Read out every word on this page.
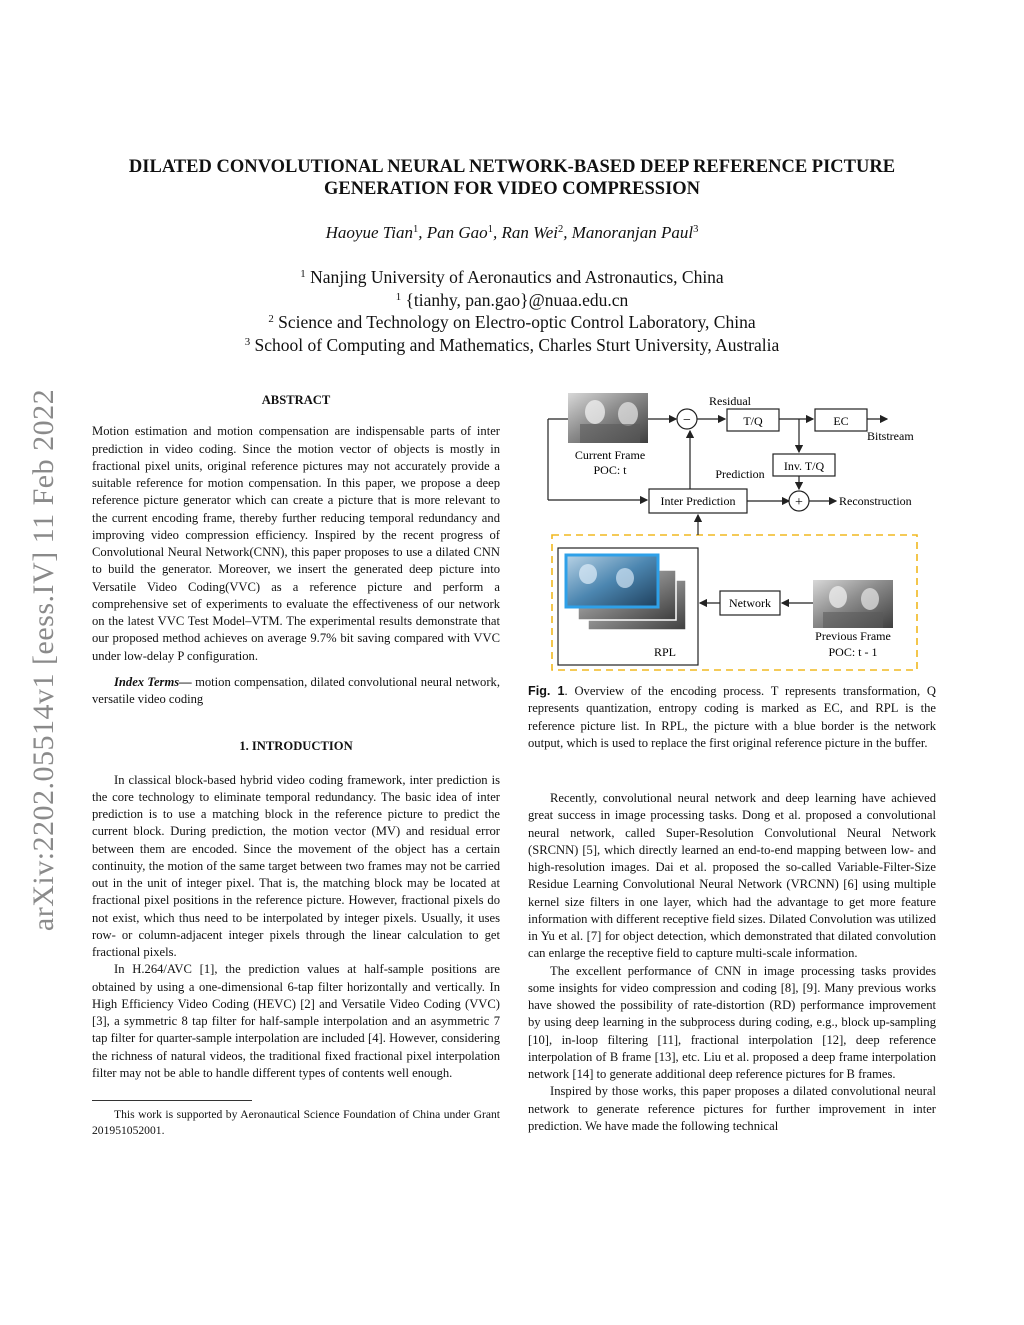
arXiv:2202.05514v1 [eess.IV] 11 Feb 2022
DILATED CONVOLUTIONAL NEURAL NETWORK-BASED DEEP REFERENCE PICTURE
GENERATION FOR VIDEO COMPRESSION
Haoyue Tian$^1$, Pan Gao$^1$, Ran Wei$^2$, Manoranjan Paul$^3$
$^1$ Nanjing University of Aeronautics and Astronautics, China
$^1$ {tianhy, pan.gao}@nuaa.edu.cn
$^2$ Science and Technology on Electro-optic Control Laboratory, China
$^3$ School of Computing and Mathematics, Charles Sturt University, Australia
ABSTRACT

Motion estimation and motion compensation are indispensable parts of inter prediction in video coding. Since the motion vector of objects is mostly in fractional pixel units, original reference pictures may not accurately provide a suitable reference for motion compensation. In this paper, we propose a deep reference picture generator which can create a picture that is more relevant to the current encoding frame, thereby further reducing temporal redundancy and improving video compression efficiency. Inspired by the recent progress of Convolutional Neural Network(CNN), this paper proposes to use a dilated CNN to build the generator. Moreover, we insert the generated deep picture into Versatile Video Coding(VVC) as a reference picture and perform a comprehensive set of experiments to evaluate the effectiveness of our network on the latest VVC Test Model–VTM. The experimental results demonstrate that our proposed method achieves on average 9.7% bit saving compared with VVC under low-delay P configuration.

Index Terms— motion compensation, dilated convolutional neural network, versatile video coding

1. INTRODUCTION

In classical block-based hybrid video coding framework, inter prediction is the core technology to eliminate temporal redundancy. The basic idea of inter prediction is to use a matching block in the reference picture to predict the current block. During prediction, the motion vector (MV) and residual error between them are encoded. Since the movement of the object has a certain continuity, the motion of the same target between two frames may not be carried out in the unit of integer pixel. That is, the matching block may be located at fractional pixel positions in the reference picture. However, fractional pixels do not exist, which thus need to be interpolated by integer pixels. Usually, it uses row- or column-adjacent integer pixels through the linear calculation to get fractional pixels.

In H.264/AVC [1], the prediction values at half-sample positions are obtained by using a one-dimensional 6-tap filter horizontally and vertically. In High Efficiency Video Coding (HEVC) [2] and Versatile Video Coding (VVC) [3], a symmetric 8 tap filter for half-sample interpolation and an asymmetric 7 tap filter for quarter-sample interpolation are included [4]. However, considering the richness of natural videos, the traditional fixed fractional pixel interpolation filter may not be able to handle different types of contents well enough.

This work is supported by Aeronautical Science Foundation of China under Grant 201951052001.

Current Frame
POC: t
−
Residual
T/Q	EC
Bitstream
Inv. T/Q
Inter Prediction
Prediction
+	Reconstruction
RPL
Network
Previous Frame
POC: t - 1
Fig. 1. Overview of the encoding process. T represents transformation, Q represents quantization, entropy coding is marked as EC, and RPL is the reference picture list. In RPL, the picture with a blue border is the network output, which is used to replace the first original reference picture in the buffer.

Recently, convolutional neural network and deep learning have achieved great success in image processing tasks. Dong et al. proposed a convolutional neural network, called Super-Resolution Convolutional Neural Network (SRCNN) [5], which directly learned an end-to-end mapping between low- and high-resolution images. Dai et al. proposed the so-called Variable-Filter-Size Residue Learning Convolutional Neural Network (VRCNN) [6] using multiple kernel size filters in one layer, which had the advantage to get more feature information with different receptive field sizes. Dilated Convolution was utilized in Yu et al. [7] for object detection, which demonstrated that dilated convolution can enlarge the receptive field to capture multi-scale information.

The excellent performance of CNN in image processing tasks provides some insights for video compression and coding [8], [9]. Many previous works have showed the possibility of rate-distortion (RD) performance improvement by using deep learning in the subprocess during coding, e.g., block up-sampling [10], in-loop filtering [11], fractional interpolation [12], deep reference interpolation of B frame [13], etc. Liu et al. proposed a deep frame interpolation network [14] to generate additional deep reference pictures for B frames.

Inspired by those works, this paper proposes a dilated convolutional neural network to generate reference pictures for further improvement in inter prediction. We have made the following technical
